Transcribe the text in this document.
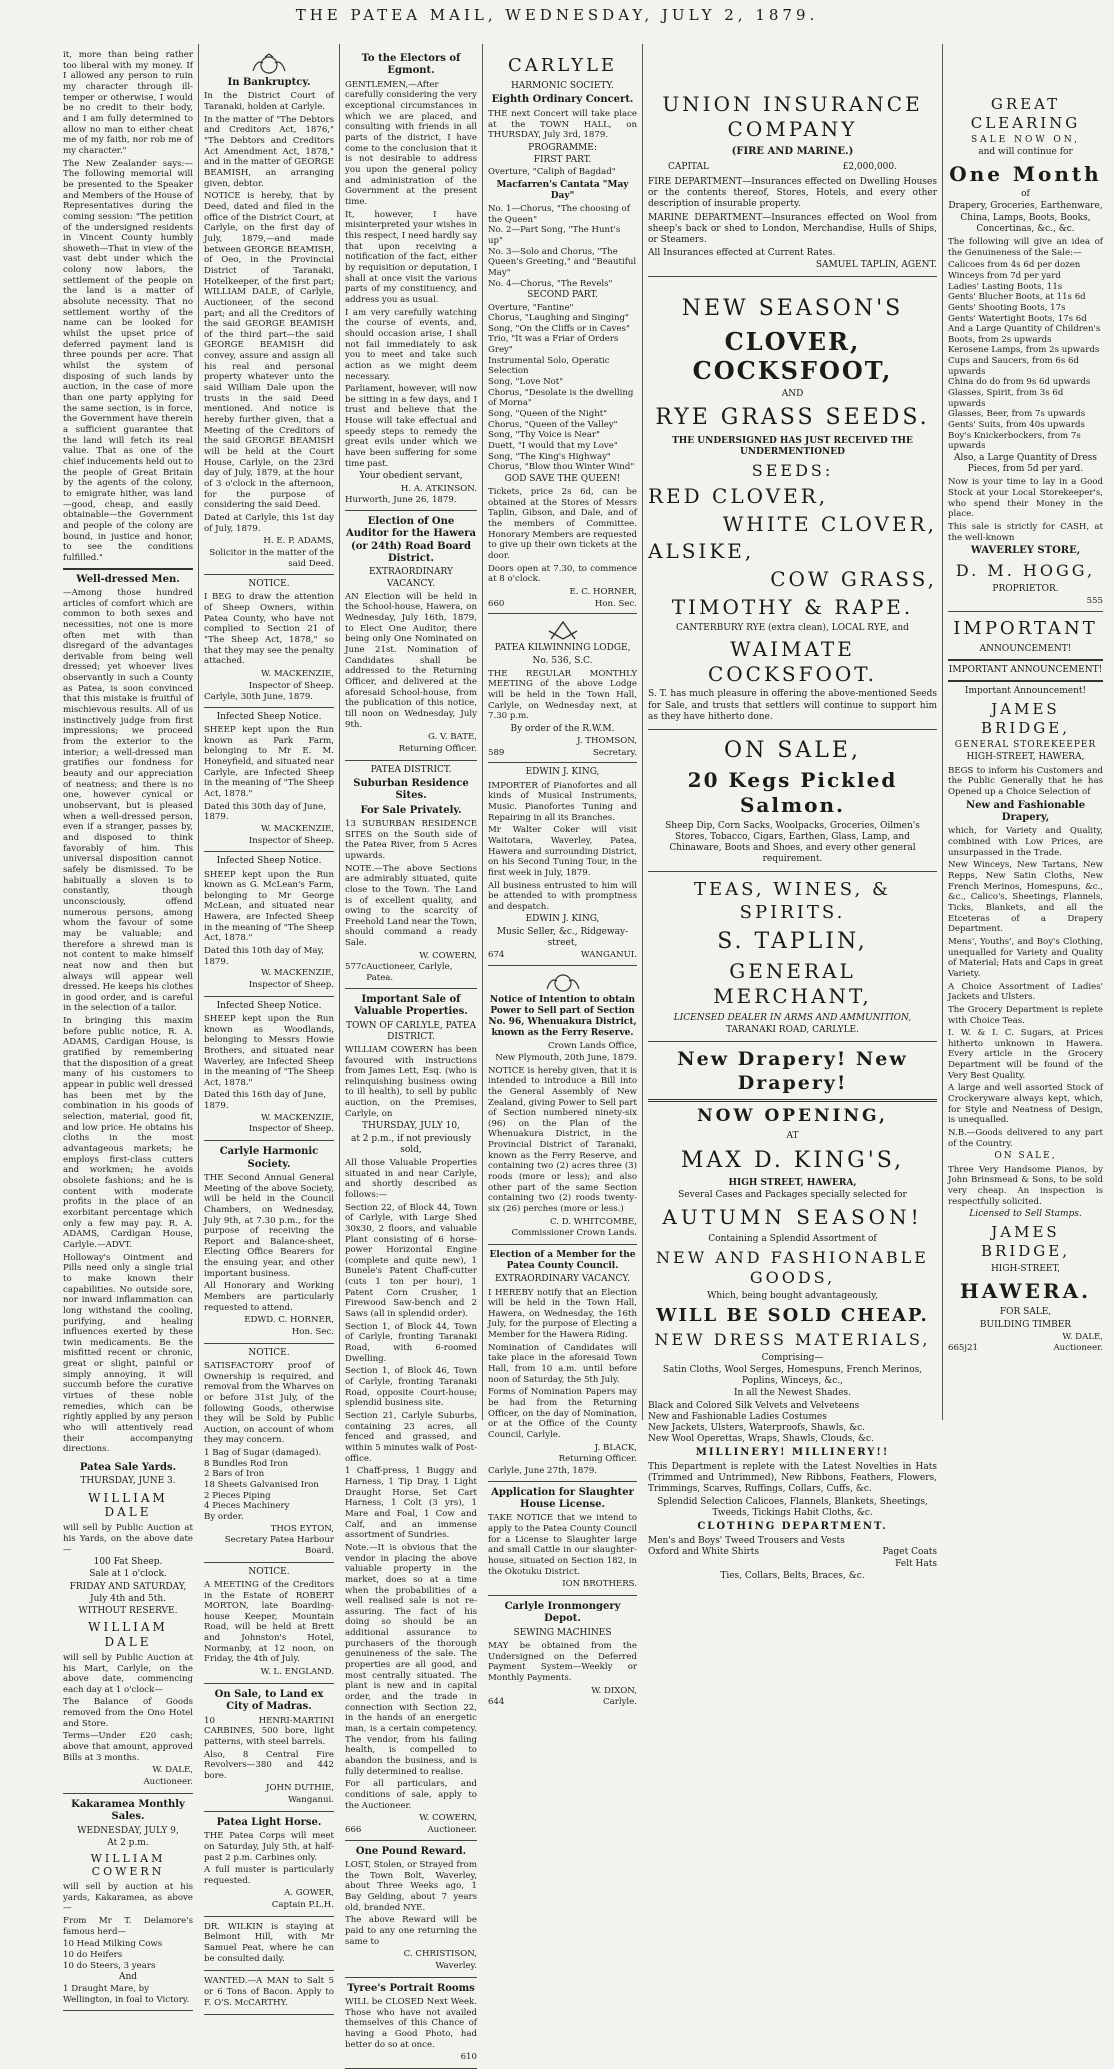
THE PATEA MAIL, WEDNESDAY, JULY 2, 1879.

it, more than being rather too liberal with my money. If I allowed any person to ruin my character through ill-temper or otherwise, I would be no credit to their body, and I am fully determined to allow no man to either cheat me of my faith, nor rob me of my character."

The New Zealander says:—The following memorial will be presented to the Speaker and Members of the House of Representatives during the coming session: "The petition of the undersigned residents in Vincent County humbly showeth—That in view of the vast debt under which the colony now labors, the settlement of the people on the land is a matter of absolute necessity. That no settlement worthy of the name can be looked for whilst the upset price of deferred payment land is three pounds per acre. That whilst the system of disposing of such lands by auction, in the case of more than one party applying for the same section, is in force, the Government have therein a sufficient guarantee that the land will fetch its real value. That as one of the chief inducements held out to the people of Great Britain by the agents of the colony, to emigrate hither, was land—good, cheap, and easily obtainable—the Government and people of the colony are bound, in justice and honor, to see the conditions fulfilled."

Well-dressed Men.

—Among those hundred articles of comfort which are common to both sexes and necessities, not one is more often met with than disregard of the advantages derivable from being well dressed; yet whoever lives observantly in such a County as Patea, is soon convinced that this mistake is fruitful of mischievous results. All of us instinctively judge from first impressions; we proceed from the exterior to the interior; a well-dressed man gratifies our fondness for beauty and our appreciation of neatness; and there is no one, however cynical or unobservant, but is pleased when a well-dressed person, even if a stranger, passes by, and disposed to think favorably of him. This universal disposition cannot safely be dismissed. To be habitually a sloven is to constantly, though unconsciously, offend numerous persons, among whom the favour of some may be valuable; and therefore a shrewd man is not content to make himself neat now and then but always will appear well dressed. He keeps his clothes in good order, and is careful in the selection of a tailor.

In bringing this maxim before public notice, R. A. ADAMS, Cardigan House, is gratified by remembering that the disposition of a great many of his customers to appear in public well dressed has been met by the combination in his goods of selection, material, good fit, and low price. He obtains his cloths in the most advantageous markets; he employs first-class cutters and workmen; he avoids obsolete fashions; and he is content with moderate profits in the place of an exorbitant percentage which only a few may pay. R. A. ADAMS, Cardigan House, Carlyle.—ADVT.

Holloway's Ointment and Pills need only a single trial to make known their capabilities. No outside sore, nor inward inflammation can long withstand the cooling, purifying, and healing influences exerted by these twin medicaments. Be the misfitted recent or chronic, great or slight, painful or simply annoying, it will succumb before the curative virtues of these noble remedies, which can be rightly applied by any person who will attentively read their accompanying directions.

Patea Sale Yards.
THURSDAY, JUNE 3.
WILLIAM DALE

will sell by Public Auction at his Yards, on the above date—

100 Fat Sheep.
Sale at 1 o'clock.
FRIDAY AND SATURDAY,
July 4th and 5th.
WITHOUT RESERVE.
WILLIAM DALE

will sell by Public Auction at his Mart, Carlyle, on the above date, commencing each day at 1 o'clock—

The Balance of Goods removed from the Ono Hotel and Store.

Terms—Under £20 cash; above that amount, approved Bills at 3 months.

W. DALE,
Auctioneer.
Kakaramea Monthly Sales.
WEDNESDAY, JULY 9,
At 2 p.m.
WILLIAM COWERN

will sell by auction at his yards, Kakaramea, as above—

From Mr T. Delamore's famous herd—

10 Head Milking Cows
10 do Heifers
10 do Steers, 3 years
And
1 Draught Mare, by Wellington, in foal to Victory.
In Bankruptcy.

In the District Court of Taranaki, holden at Carlyle.

In the matter of "The Debtors and Creditors Act, 1876," "The Debtors and Creditors Act Amendment Act, 1878," and in the matter of GEORGE BEAMISH, an arranging given, debtor.

NOTICE is hereby, that by Deed, dated and filed in the office of the District Court, at Carlyle, on the first day of July, 1879,—and made between GEORGE BEAMISH, of Oeo, in the Provincial District of Taranaki, Hotelkeeper, of the first part; WILLIAM DALE, of Carlyle, Auctioneer, of the second part; and all the Creditors of the said GEORGE BEAMISH of the third part—the said GEORGE BEAMISH did convey, assure and assign all his real and personal property whatever unto the said William Dale upon the trusts in the said Deed mentioned. And notice is hereby further given, that a Meeting of the Creditors of the said GEORGE BEAMISH will be held at the Court House, Carlyle, on the 23rd day of July, 1879, at the hour of 3 o'clock in the afternoon, for the purpose of considering the said Deed.

Dated at Carlyle, this 1st day of July, 1879.

H. E. P. ADAMS,
Solicitor in the matter of the said Deed.
NOTICE.

I BEG to draw the attention of Sheep Owners, within Patea County, who have not complied to Section 21 of "The Sheep Act, 1878," so that they may see the penalty attached.

W. MACKENZIE,
Inspector of Sheep.
Carlyle, 30th June, 1879.
Infected Sheep Notice.

SHEEP kept upon the Run known as Park Farm, belonging to Mr E. M. Honeyfield, and situated near Carlyle, are Infected Sheep in the meaning of "The Sheep Act, 1878."

Dated this 30th day of June, 1879.
W. MACKENZIE,
Inspector of Sheep.
Infected Sheep Notice.

SHEEP kept upon the Run known as G. McLean's Farm, belonging to Mr George McLean, and situated near Hawera, are Infected Sheep in the meaning of "The Sheep Act, 1878."

Dated this 10th day of May, 1879.
W. MACKENZIE,
Inspector of Sheep.
Infected Sheep Notice.

SHEEP kept upon the Run known as Woodlands, belonging to Messrs Howie Brothers, and situated near Waverley, are Infected Sheep in the meaning of "The Sheep Act, 1878."

Dated this 16th day of June, 1879.
W. MACKENZIE,
Inspector of Sheep.
Carlyle Harmonic Society.

THE Second Annual General Meeting of the above Society, will be held in the Council Chambers, on Wednesday, July 9th, at 7.30 p.m., for the purpose of receiving the Report and Balance-sheet, Electing Office Bearers for the ensuing year, and other important business.

All Honorary and Working Members are particularly requested to attend.

EDWD. C. HORNER,
Hon. Sec.
NOTICE.

SATISFACTORY proof of Ownership is required, and removal from the Wharves on or before 31st July, of the following Goods, otherwise they will be Sold by Public Auction, on account of whom they may concern.

1 Bag of Sugar (damaged).
8 Bundles Rod Iron
2 Bars of Iron
18 Sheets Galvanised Iron
2 Pieces Piping
4 Pieces Machinery
By order.
THOS EYTON,
Secretary Patea Harbour Board.
NOTICE.

A MEETING of the Creditors in the Estate of ROBERT MORTON, late Boarding-house Keeper, Mountain Road, will be held at Brett and Johnston's Hotel, Normanby, at 12 noon, on Friday, the 4th of July.

W. L. ENGLAND.
On Sale, to Land ex City of Madras.

10 HENRI-MARTINI CARBINES, 500 bore, light patterns, with steel barrels.

Also, 8 Central Fire Revolvers—380 and 442 bore.

JOHN DUTHIE,
Wanganui.
Patea Light Horse.

THE Patea Corps will meet on Saturday, July 5th, at half-past 2 p.m. Carbines only.

A full muster is particularly requested.

A. GOWER,
Captain P.L.H.

DR. WILKIN is staying at Belmont Hill, with Mr Samuel Peat, where he can be consulted daily.

WANTED.—A MAN to Salt 5 or 6 Tons of Bacon. Apply to F. O'S. McCARTHY.

To the Electors of Egmont.

GENTLEMEN,—After carefully considering the very exceptional circumstances in which we are placed, and consulting with friends in all parts of the district, I have come to the conclusion that it is not desirable to address you upon the general policy and administration of the Government at the present time.

It, however, I have misinterpreted your wishes in this respect, I need hardly say that upon receiving a notification of the fact, either by requisition or deputation, I shall at once visit the various parts of my constituency, and address you as usual.

I am very carefully watching the course of events, and, should occasion arise, I shall not fail immediately to ask you to meet and take such action as we might deem necessary.

Parliament, however, will now be sitting in a few days, and I trust and believe that the House will take effectual and speedy steps to remedy the great evils under which we have been suffering for some time past.

Your obedient servant,
H. A. ATKINSON.
Hurworth, June 26, 1879.
Election of One Auditor for the Hawera (or 24th) Road Board District.
EXTRAORDINARY VACANCY.

AN Election will be held in the School-house, Hawera, on Wednesday, July 16th, 1879, to Elect One Auditor, there being only One Nominated on June 21st. Nomination of Candidates shall be addressed to the Returning Officer, and delivered at the aforesaid School-house, from the publication of this notice, till noon on Wednesday, July 9th.

G. V. BATE,
Returning Officer.
PATEA DISTRICT.
Suburban Residence Sites.
For Sale Privately.

13 SUBURBAN RESIDENCE SITES on the South side of the Patea River, from 5 Acres upwards.

NOTE.—The above Sections are admirably situated, quite close to the Town. The Land is of excellent quality, and owing to the scarcity of Freehold Land near the Town, should command a ready Sale.

W. COWERN,
577c Auctioneer, Carlyle, Patea.
Important Sale of Valuable Properties.
TOWN OF CARLYLE, PATEA DISTRICT.

WILLIAM COWERN has been favoured with instructions from James Lett, Esq. (who is relinquishing business owing to ill health), to sell by public auction, on the Premises, Carlyle, on

THURSDAY, JULY 10,
at 2 p.m., if not previously sold,

All those Valuable Properties situated in and near Carlyle, and shortly described as follows:—

Section 22, of Block 44, Town of Carlyle, with Large Shed 30x30, 2 floors, and valuable Plant consisting of 6 horse-power Horizontal Engine (complete and quite new), 1 Bunele's Patent Chaff-cutter (cuts 1 ton per hour), 1 Patent Corn Crusher, 1 Firewood Saw-bench and 2 Saws (all in splendid order).

Section 1, of Block 44, Town of Carlyle, fronting Taranaki Road, with 6-roomed Dwelling.

Section 1, of Block 46, Town of Carlyle, fronting Taranaki Road, opposite Court-house; splendid business site.

Section 21, Carlyle Suburbs, containing 23 acres, all fenced and grassed, and within 5 minutes walk of Post-office.

1 Chaff-press, 1 Buggy and Harness, 1 Tip Dray, 1 Light Draught Horse, Set Cart Harness, 1 Colt (3 yrs), 1 Mare and Foal, 1 Cow and Calf, and an immense assortment of Sundries.

Note.—It is obvious that the vendor in placing the above valuable property in the market, does so at a time when the probabilities of a well realised sale is not re-assuring. The fact of his doing so should be an additional assurance to purchasers of the thorough genuineness of the sale. The properties are all good, and most centrally situated. The plant is new and in capital order, and the trade in connection with Section 22, in the hands of an energetic man, is a certain competency. The vendor, from his failing health, is compelled to abandon the business, and is fully determined to realise.

For all particulars, and conditions of sale, apply to the Auctioneer.

W. COWERN,
666	Auctioneer.
One Pound Reward.

LOST, Stolen, or Strayed from the Town Bolt, Waverley, about Three Weeks ago, 1 Bay Gelding, about 7 years old, branded NYE.

The above Reward will be paid to any one returning the same to

C. CHRISTISON,
Waverley.
Tyree's Portrait Rooms

WILL be CLOSED Next Week. Those who have not availed themselves of this Chance of having a Good Photo, had better do so at once.

610
CARLYLE
HARMONIC SOCIETY.
Eighth Ordinary Concert.

THE next Concert will take place at the TOWN HALL, on THURSDAY, July 3rd, 1879.

PROGRAMME:
FIRST PART.
Overture, "Caliph of Bagdad"
Macfarren's Cantata "May Day"
No. 1—Chorus, "The choosing of the Queen"
No. 2—Part Song, "The Hunt's up"
No. 3—Solo and Chorus, "The Queen's Greeting," and "Beautiful May"
No. 4—Chorus, "The Revels"
SECOND PART.
Overture, "Fantine"
Chorus, "Laughing and Singing"
Song, "On the Cliffs or in Caves"
Trio, "It was a Friar of Orders Grey"
Instrumental Solo, Operatic Selection
Song, "Love Not"
Chorus, "Desolate is the dwelling of Morna"
Song, "Queen of the Night"
Chorus, "Queen of the Valley"
Song, "Thy Voice is Near"
Duett, "I would that my Love"
Song, "The King's Highway"
Chorus, "Blow thou Winter Wind"
GOD SAVE THE QUEEN!

Tickets, price 2s 6d, can be obtained at the Stores of Messrs Taplin, Gibson, and Dale, and of the members of Committee. Honorary Members are requested to give up their own tickets at the door.

Doors open at 7.30, to commence at 8 o'clock.

E. C. HORNER,
660	Hon. Sec.
PATEA KILWINNING LODGE,
No. 536, S.C.

THE REGULAR MONTHLY MEETING of the above Lodge will be held in the Town Hall, Carlyle, on Wednesday next, at 7.30 p.m.

By order of the R.W.M.
J. THOMSON,
589	Secretary.
EDWIN J. KING,

IMPORTER of Pianofortes and all kinds of Musical Instruments, Music. Pianofortes Tuning and Repairing in all its Branches.

Mr Walter Coker will visit Waitotara, Waverley, Patea, Hawera and surrounding District, on his Second Tuning Tour, in the first week in July, 1879.

All business entrusted to him will be attended to with promptness and despatch.

EDWIN J. KING,
Music Seller, &c., Ridgeway-street,
674	WANGANUI.
Notice of Intention to obtain Power to Sell part of Section No. 96, Whenuakura District, known as the Ferry Reserve.
Crown Lands Office,
New Plymouth, 20th June, 1879.

NOTICE is hereby given, that it is intended to introduce a Bill into the General Assembly of New Zealand, giving Power to Sell part of Section numbered ninety-six (96) on the Plan of the Whenuakura District, in the Provincial District of Taranaki, known as the Ferry Reserve, and containing two (2) acres three (3) roods (more or less); and also other part of the same Section containing two (2) roods twenty-six (26) perches (more or less.)

C. D. WHITCOMBE,
Commissioner Crown Lands.
Election of a Member for the Patea County Council.
EXTRAORDINARY VACANCY.

I HEREBY notify that an Election will be held in the Town Hall, Hawera, on Wednesday, the 16th July, for the purpose of Electing a Member for the Hawera Riding.

Nomination of Candidates will take place in the aforesaid Town Hall, from 10 a.m. until before noon of Saturday, the 5th July.

Forms of Nomination Papers may be had from the Returning Officer, on the day of Nomination, or at the Office of the County Council, Carlyle.

J. BLACK,
Returning Officer.
Carlyle, June 27th, 1879.
Application for Slaughter House License.

TAKE NOTICE that we intend to apply to the Patea County Council for a License to Slaughter large and small Cattle in our slaughter-house, situated on Section 182, in the Okotuku District.

ION BROTHERS.
Carlyle Ironmongery Depot.
SEWING MACHINES

MAY be obtained from the Undersigned on the Deferred Payment System—Weekly or Monthly Payments.

W. DIXON,
644	Carlyle.
UNION INSURANCE COMPANY
(FIRE AND MARINE.)
CAPITAL	£2,000,000.

FIRE DEPARTMENT—Insurances effected on Dwelling Houses or the contents thereof, Stores, Hotels, and every other description of insurable property.

MARINE DEPARTMENT—Insurances effected on Wool from sheep's back or shed to London, Merchandise, Hulls of Ships, or Steamers.

All Insurances effected at Current Rates.
SAMUEL TAPLIN, AGENT.
NEW SEASON'S
CLOVER, COCKSFOOT,
AND
RYE GRASS SEEDS.
THE UNDERSIGNED HAS JUST RECEIVED THE UNDERMENTIONED
SEEDS:
RED CLOVER,
WHITE CLOVER,
ALSIKE,
COW GRASS,
TIMOTHY & RAPE.
CANTERBURY RYE (extra clean), LOCAL RYE, and
WAIMATE COCKSFOOT.

S. T. has much pleasure in offering the above-mentioned Seeds for Sale, and trusts that settlers will continue to support him as they have hitherto done.

ON SALE,
20 Kegs Pickled Salmon.

Sheep Dip, Corn Sacks, Woolpacks, Groceries, Oilmen's Stores, Tobacco, Cigars, Earthen, Glass, Lamp, and Chinaware, Boots and Shoes, and every other general requirement.

TEAS, WINES, & SPIRITS.
S. TAPLIN,
GENERAL MERCHANT,
LICENSED DEALER IN ARMS AND AMMUNITION,
TARANAKI ROAD, CARLYLE.
New Drapery! New Drapery!
NOW OPENING,
AT
MAX D. KING'S,
HIGH STREET, HAWERA,
Several Cases and Packages specially selected for
AUTUMN SEASON!
Containing a Splendid Assortment of
NEW AND FASHIONABLE GOODS,
Which, being bought advantageously,
WILL BE SOLD CHEAP.
NEW DRESS MATERIALS,
Comprising—
Satin Cloths, Wool Serges, Homespuns, French Merinos, Poplins, Winceys, &c.,
In all the Newest Shades.
Black and Colored Silk Velvets and Velveteens
New and Fashionable Ladies Costumes
New Jackets, Ulsters, Waterproofs, Shawls, &c.
New Wool Operettas, Wraps, Shawls, Clouds, &c.
MILLINERY! MILLINERY!!

This Department is replete with the Latest Novelties in Hats (Trimmed and Untrimmed), New Ribbons, Feathers, Flowers, Trimmings, Scarves, Ruffings, Collars, Cuffs, &c.

Splendid Selection Calicoes, Flannels, Blankets, Sheetings, Tweeds, Tickings Habit Cloths, &c.

CLOTHING DEPARTMENT.
Men's and Boys' Tweed Trousers and Vests
Oxford and White Shirts	Paget Coats
Felt Hats
Ties, Collars, Belts, Braces, &c.
GREAT CLEARING
SALE NOW ON,
and will continue for
One Month
of
Drapery, Groceries, Earthenware, China, Lamps, Boots, Books, Concertinas, &c., &c.

The following will give an idea of the Genuineness of the Sale:—

Calicoes from 4s 6d per dozen
Winceys from 7d per yard
Ladies' Lasting Boots, 11s
Gents' Blucher Boots, at 11s 6d
Gents' Shooting Boots, 17s
Gents' Watertight Boots, 17s 6d
And a Large Quantity of Children's Boots, from 2s upwards
Kerosene Lamps, from 2s upwards
Cups and Saucers, from 6s 6d upwards
China do do from 9s 6d upwards
Glasses, Spirit, from 3s 6d upwards
Glasses, Beer, from 7s upwards
Gents' Suits, from 40s upwards
Boy's Knickerbockers, from 7s upwards
Also, a Large Quantity of Dress Pieces, from 5d per yard.

Now is your time to lay in a Good Stock at your Local Storekeeper's, who spend their Money in the place.

This sale is strictly for CASH, at the well-known

WAVERLEY STORE,
D. M. HOGG,
PROPRIETOR.
555
IMPORTANT
ANNOUNCEMENT!
IMPORTANT ANNOUNCEMENT!
Important Announcement!
JAMES BRIDGE,
GENERAL STOREKEEPER
HIGH-STREET, HAWERA,

BEGS to inform his Customers and the Public Generally that he has Opened up a Choice Selection of

New and Fashionable Drapery,

which, for Variety and Quality, combined with Low Prices, are unsurpassed in the Trade.

New Winceys, New Tartans, New Repps, New Satin Cloths, New French Merinos, Homespuns, &c., &c., Calico's, Sheetings, Flannels, Ticks, Blankets, and all the Etceteras of a Drapery Department.

Mens', Youths', and Boy's Clothing, unequalled for Variety and Quality of Material; Hats and Caps in great Variety.

A Choice Assortment of Ladies' Jackets and Ulsters.

The Grocery Department is replete with Choice Teas.

I. W. & I. C. Sugars, at Prices hitherto unknown in Hawera. Every article in the Grocery Department will be found of the Very Best Quality.

A large and well assorted Stock of Crockeryware always kept, which, for Style and Neatness of Design, is unequalled.

N.B.—Goods delivered to any part of the Country.

ON SALE,

Three Very Handsome Pianos, by John Brinsmead & Sons, to be sold very cheap. An inspection is respectfully solicited.

Licensed to Sell Stamps.
JAMES BRIDGE,
HIGH-STREET,
HAWERA.
FOR SALE,
BUILDING TIMBER
W. DALE,
665j21	Auctioneer.
